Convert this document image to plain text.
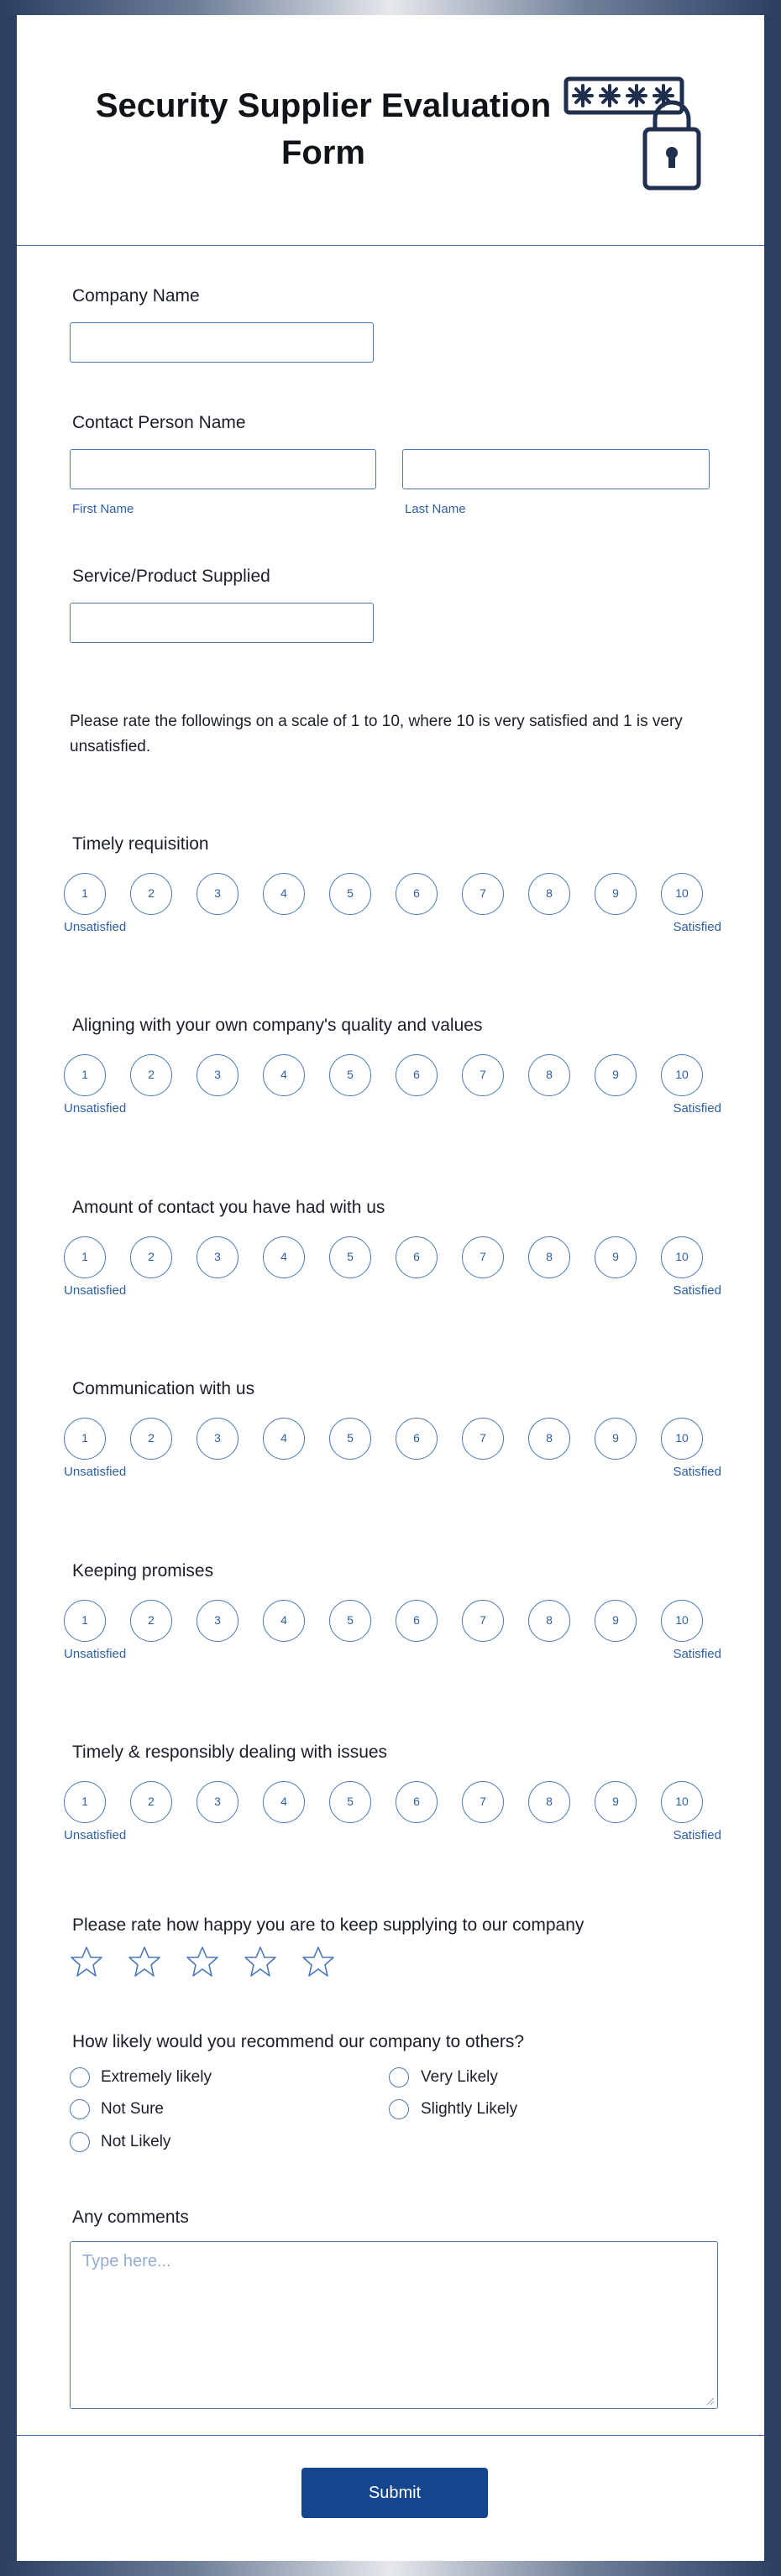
Security Supplier Evaluation Form
Company Name
Contact Person Name
First Name	Last Name
Service/Product Supplied
Please rate the followings on a scale of 1 to 10, where 10 is very satisfied and 1 is very unsatisfied.
Timely requisition
1	2	3	4	5	6	7	8	9	10
Unsatisfied	Satisfied
Aligning with your own company's quality and values
1	2	3	4	5	6	7	8	9	10
Unsatisfied	Satisfied
Amount of contact you have had with us
1	2	3	4	5	6	7	8	9	10
Unsatisfied	Satisfied
Communication with us
1	2	3	4	5	6	7	8	9	10
Unsatisfied	Satisfied
Keeping promises
1	2	3	4	5	6	7	8	9	10
Unsatisfied	Satisfied
Timely & responsibly dealing with issues
1	2	3	4	5	6	7	8	9	10
Unsatisfied	Satisfied
Please rate how happy you are to keep supplying to our company
How likely would you recommend our company to others?
Extremely likely	Very Likely
Not Sure	Slightly Likely
Not Likely
Any comments
Type here...
Submit
